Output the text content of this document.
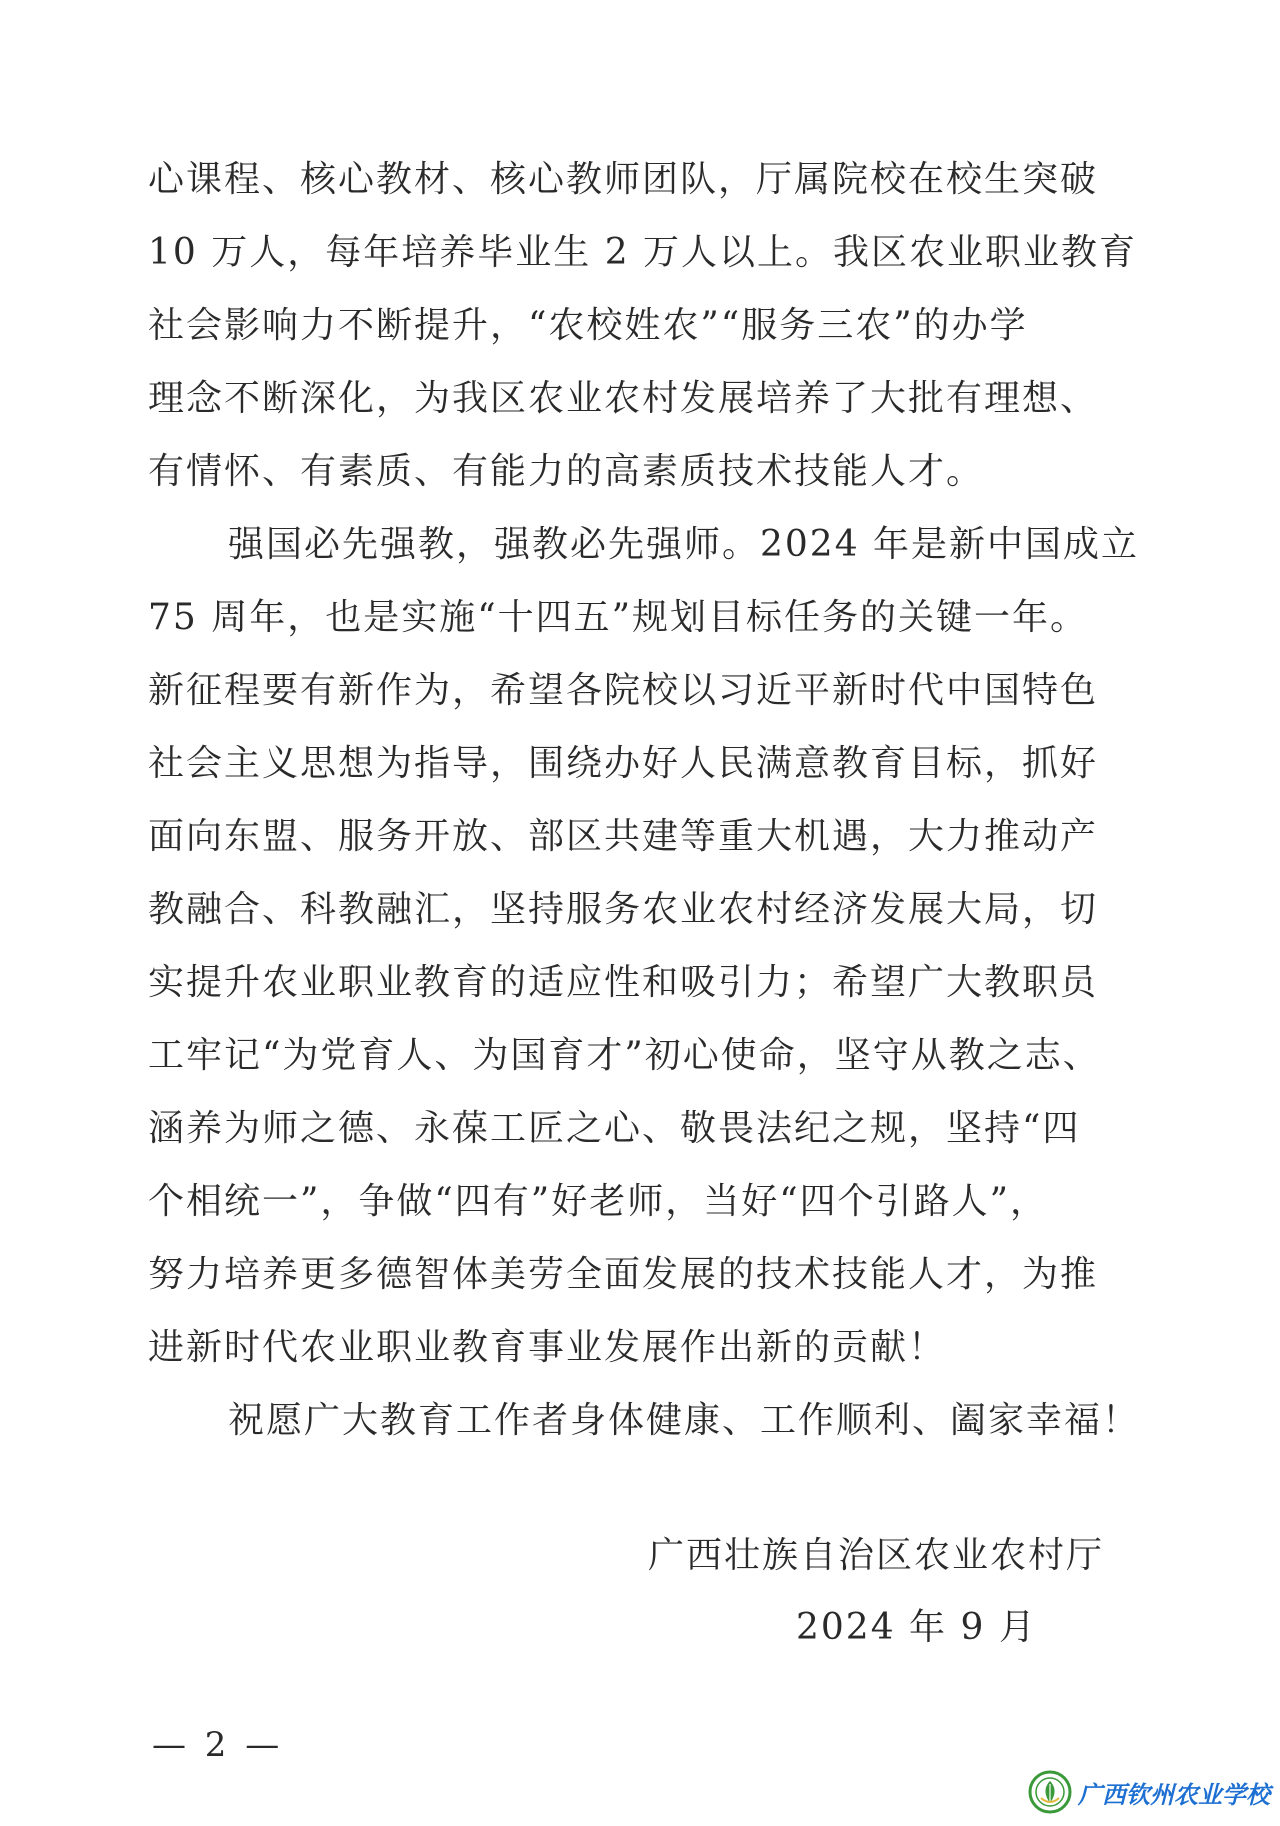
心课程、核心教材、核心教师团队，厅属院校在校生突破
10 万人，每年培养毕业生 2 万人以上。我区农业职业教育
社会影响力不断提升，“农校姓农”“服务三农”的办学
理念不断深化，为我区农业农村发展培养了大批有理想、
有情怀、有素质、有能力的高素质技术技能人才。
强国必先强教，强教必先强师。2024 年是新中国成立
75 周年，也是实施“十四五”规划目标任务的关键一年。
新征程要有新作为，希望各院校以习近平新时代中国特色
社会主义思想为指导，围绕办好人民满意教育目标，抓好
面向东盟、服务开放、部区共建等重大机遇，大力推动产
教融合、科教融汇，坚持服务农业农村经济发展大局，切
实提升农业职业教育的适应性和吸引力；希望广大教职员
工牢记“为党育人、为国育才”初心使命，坚守从教之志、
涵养为师之德、永葆工匠之心、敬畏法纪之规，坚持“四
个相统一”，争做“四有”好老师，当好“四个引路人”，
努力培养更多德智体美劳全面发展的技术技能人才，为推
进新时代农业职业教育事业发展作出新的贡献！
祝愿广大教育工作者身体健康、工作顺利、阖家幸福！
广西壮族自治区农业农村厅
2024 年 9 月
— 2 —
广西钦州农业学校
